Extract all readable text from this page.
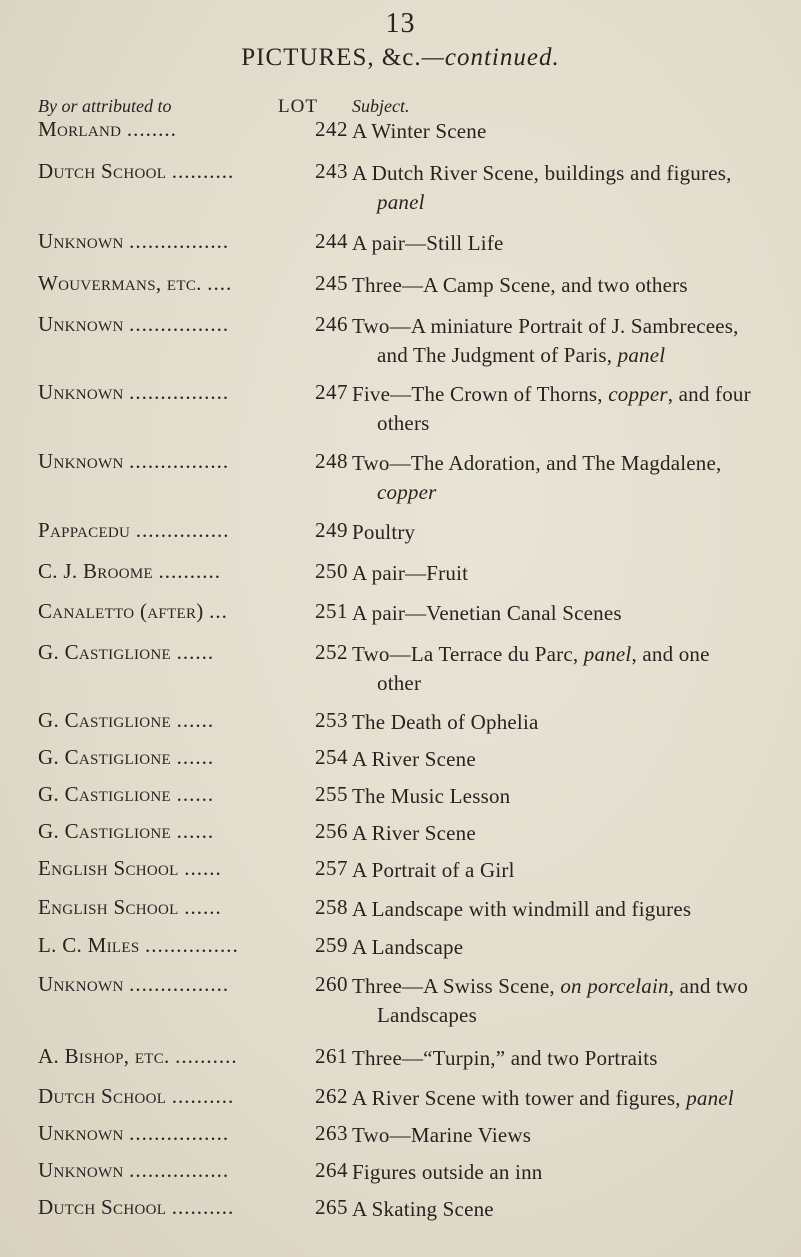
13
PICTURES, &c.—continued.
By or attributed to	LOT Subject.
Morland ........	242 A Winter Scene
Dutch School ..........	243 A Dutch River Scene, buildings and figures,
panel
Unknown ................	244 A pair—Still Life
Wouvermans, etc. ....	245 Three—A Camp Scene, and two others
Unknown ................	246 Two—A miniature Portrait of J. Sambrecees,
and The Judgment of Paris, panel
Unknown ................	247 Five—The Crown of Thorns, copper, and four
others
Unknown ................	248 Two—The Adoration, and The Magdalene,
copper
Pappacedu ...............	249 Poultry
C. J. Broome ..........	250 A pair—Fruit
Canaletto (after) ...	251 A pair—Venetian Canal Scenes
G. Castiglione ......	252 Two—La Terrace du Parc, panel, and one
other
G. Castiglione ......	253 The Death of Ophelia
G. Castiglione ......	254 A River Scene
G. Castiglione ......	255 The Music Lesson
G. Castiglione ......	256 A River Scene
English School ......	257 A Portrait of a Girl
English School ......	258 A Landscape with windmill and figures
L. C. Miles ...............	259 A Landscape
Unknown ................	260 Three—A Swiss Scene, on porcelain, and two
Landscapes
A. Bishop, etc. ..........	261 Three—“Turpin,” and two Portraits
Dutch School ..........	262 A River Scene with tower and figures, panel
Unknown ................	263 Two—Marine Views
Unknown ................	264 Figures outside an inn
Dutch School ..........	265 A Skating Scene
